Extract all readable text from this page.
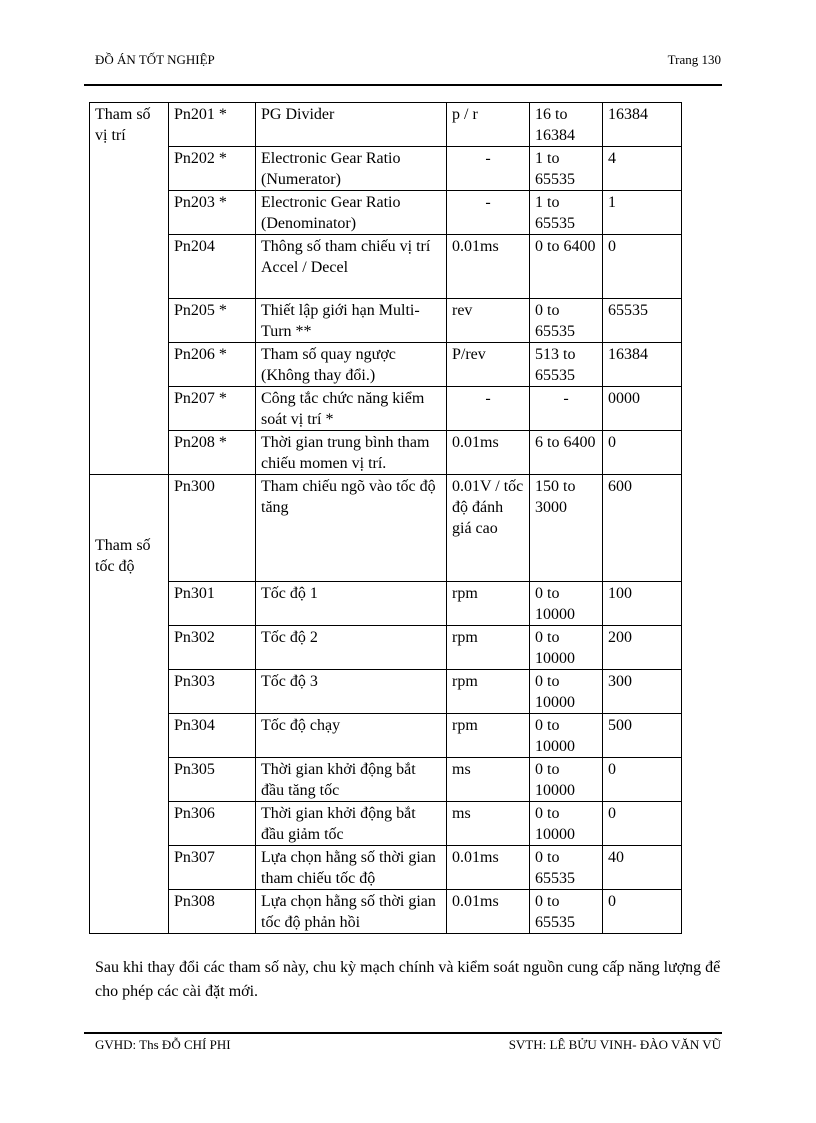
ĐỒ ÁN TỐT NGHIỆP	Trang 130
Tham số vị trí	Pn201 *	PG Divider	p / r	16 to 16384	16384
	Pn202 *	Electronic Gear Ratio (Numerator)	-	1 to 65535	4
	Pn203 *	Electronic Gear Ratio (Denominator)	-	1 to 65535	1
	Pn204	Thông số tham chiếu vị trí Accel / Decel	0.01ms	0 to 6400	0
	Pn205 *	Thiết lập giới hạn Multi-Turn **	rev	0 to 65535	65535
	Pn206 *	Tham số quay ngược (Không thay đổi.)	P/rev	513 to 65535	16384
	Pn207 *	Công tắc chức năng kiểm soát vị trí *	-	-	0000
	Pn208 *	Thời gian trung bình tham chiếu momen vị trí.	0.01ms	6 to 6400	0
Tham số tốc độ	Pn300	Tham chiếu ngõ vào tốc độ tăng	0.01V / tốc độ đánh giá cao	150 to 3000	600
	Pn301	Tốc độ 1	rpm	0 to 10000	100
	Pn302	Tốc độ 2	rpm	0 to 10000	200
	Pn303	Tốc độ 3	rpm	0 to 10000	300
	Pn304	Tốc độ chạy	rpm	0 to 10000	500
	Pn305	Thời gian khởi động bắt đầu tăng tốc	ms	0 to 10000	0
	Pn306	Thời gian khởi động bắt đầu giảm tốc	ms	0 to 10000	0
	Pn307	Lựa chọn hằng số thời gian tham chiếu tốc độ	0.01ms	0 to 65535	40
	Pn308	Lựa chọn hằng số thời gian tốc độ phản hồi	0.01ms	0 to 65535	0

Sau khi thay đổi các tham số này, chu kỳ mạch chính và kiểm soát nguồn cung cấp năng lượng để cho phép các cài đặt mới.

GVHD: Ths ĐỖ CHÍ PHI	SVTH: LÊ BỬU VINH- ĐÀO VĂN VŨ
